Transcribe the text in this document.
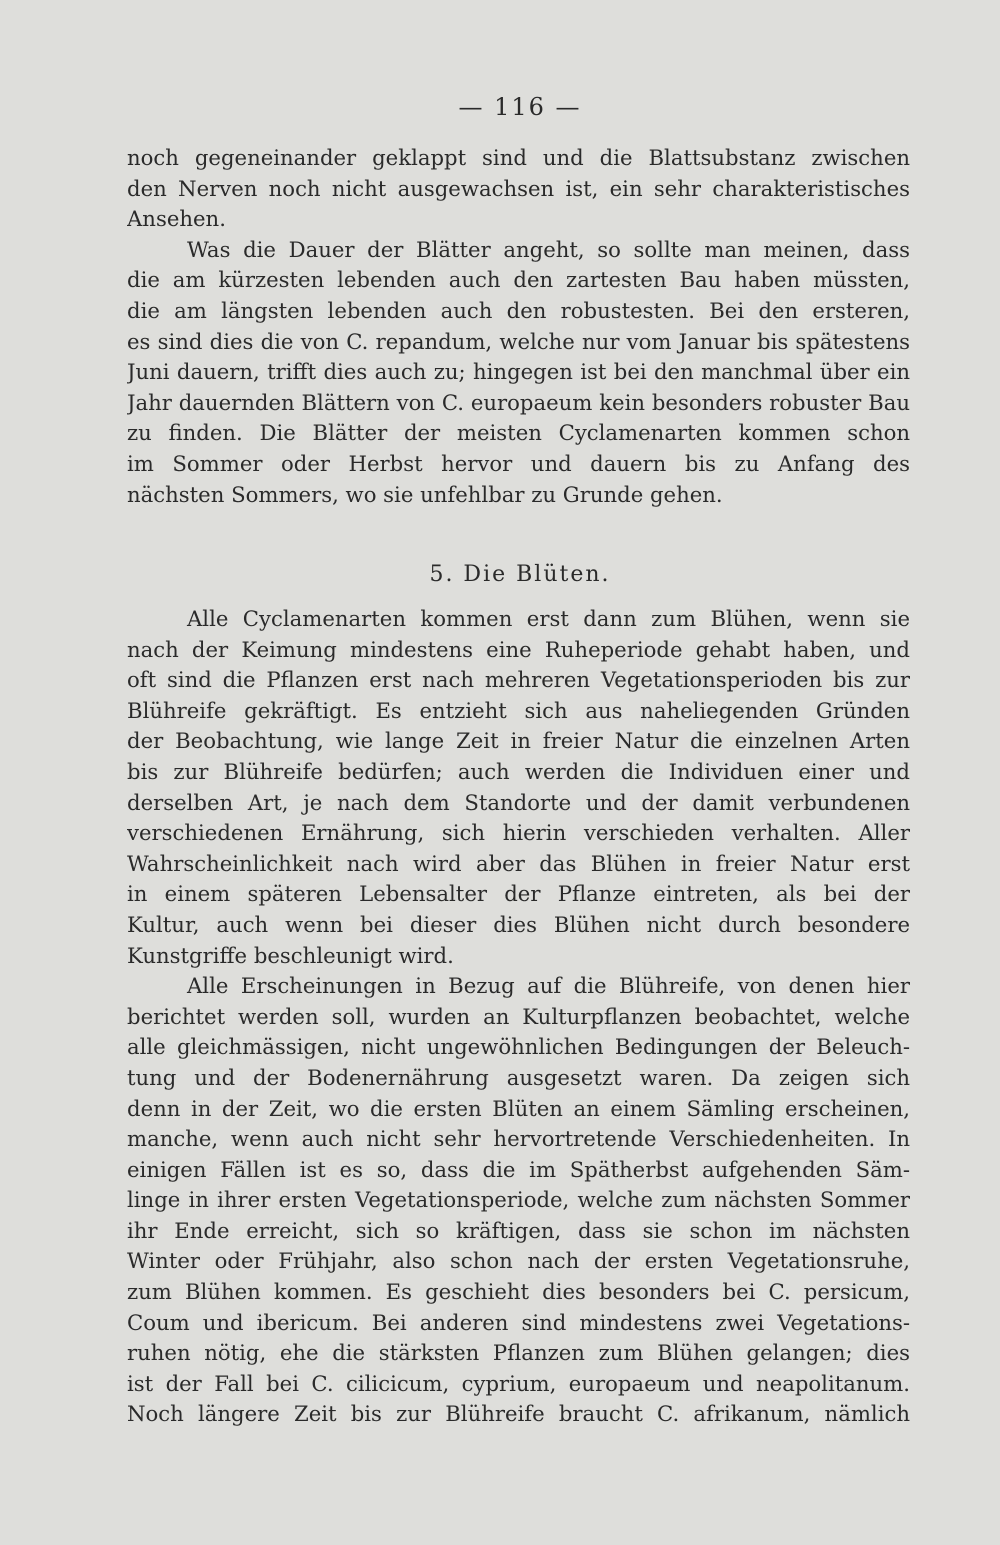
— 116 —
noch gegeneinander geklappt sind und die Blattsubstanz zwischen
den Nerven noch nicht ausgewachsen ist, ein sehr charakteristisches
Ansehen.
Was die Dauer der Blätter angeht, so sollte man meinen, dass
die am kürzesten lebenden auch den zartesten Bau haben müssten,
die am längsten lebenden auch den robustesten. Bei den ersteren,
es sind dies die von C. repandum, welche nur vom Januar bis spätestens
Juni dauern, trifft dies auch zu; hingegen ist bei den manchmal über ein
Jahr dauernden Blättern von C. europaeum kein besonders robuster Bau
zu finden. Die Blätter der meisten Cyclamenarten kommen schon
im Sommer oder Herbst hervor und dauern bis zu Anfang des
nächsten Sommers, wo sie unfehlbar zu Grunde gehen.
5. Die Blüten.
Alle Cyclamenarten kommen erst dann zum Blühen, wenn sie
nach der Keimung mindestens eine Ruheperiode gehabt haben, und
oft sind die Pflanzen erst nach mehreren Vegetationsperioden bis zur
Blühreife gekräftigt. Es entzieht sich aus naheliegenden Gründen
der Beobachtung, wie lange Zeit in freier Natur die einzelnen Arten
bis zur Blühreife bedürfen; auch werden die Individuen einer und
derselben Art, je nach dem Standorte und der damit verbundenen
verschiedenen Ernährung, sich hierin verschieden verhalten. Aller
Wahrscheinlichkeit nach wird aber das Blühen in freier Natur erst
in einem späteren Lebensalter der Pflanze eintreten, als bei der
Kultur, auch wenn bei dieser dies Blühen nicht durch besondere
Kunstgriffe beschleunigt wird.
Alle Erscheinungen in Bezug auf die Blühreife, von denen hier
berichtet werden soll, wurden an Kulturpflanzen beobachtet, welche
alle gleichmässigen, nicht ungewöhnlichen Bedingungen der Beleuch-
tung und der Bodenernährung ausgesetzt waren. Da zeigen sich
denn in der Zeit, wo die ersten Blüten an einem Sämling erscheinen,
manche, wenn auch nicht sehr hervortretende Verschiedenheiten. In
einigen Fällen ist es so, dass die im Spätherbst aufgehenden Säm-
linge in ihrer ersten Vegetationsperiode, welche zum nächsten Sommer
ihr Ende erreicht, sich so kräftigen, dass sie schon im nächsten
Winter oder Frühjahr, also schon nach der ersten Vegetationsruhe,
zum Blühen kommen. Es geschieht dies besonders bei C. persicum,
Coum und ibericum. Bei anderen sind mindestens zwei Vegetations-
ruhen nötig, ehe die stärksten Pflanzen zum Blühen gelangen; dies
ist der Fall bei C. cilicicum, cyprium, europaeum und neapolitanum.
Noch längere Zeit bis zur Blühreife braucht C. afrikanum, nämlich
